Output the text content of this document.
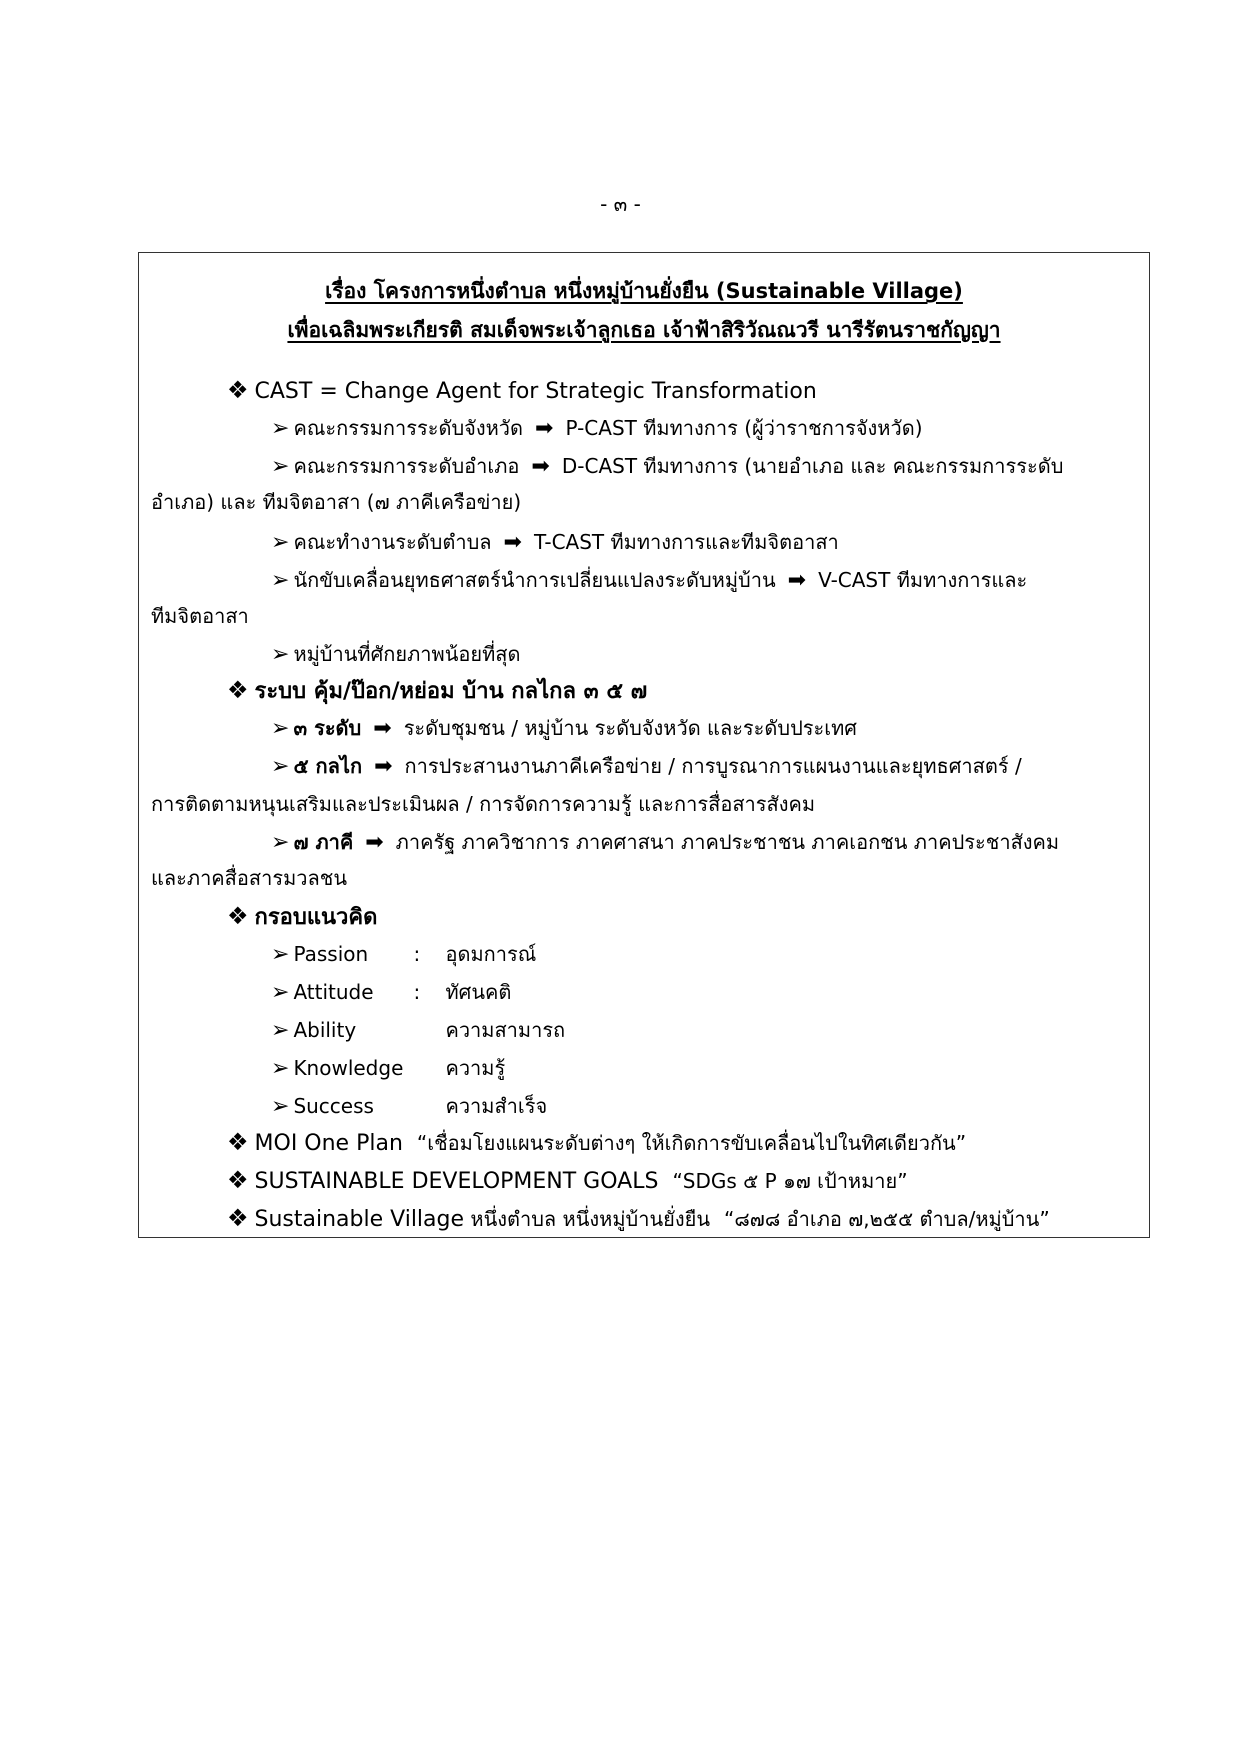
- ๓ -
เรื่อง โครงการหนึ่งตำบล หนึ่งหมู่บ้านยั่งยืน (Sustainable Village)
เพื่อเฉลิมพระเกียรติ สมเด็จพระเจ้าลูกเธอ เจ้าฟ้าสิริวัณณวรี นารีรัตนราชกัญญา
❖ CAST = Change Agent for Strategic Transformation
➢ คณะกรรมการระดับจังหวัด ➡ P-CAST ทีมทางการ (ผู้ว่าราชการจังหวัด)
➢ คณะกรรมการระดับอำเภอ ➡ D-CAST ทีมทางการ (นายอำเภอ และ คณะกรรมการระดับ
อำเภอ) และ ทีมจิตอาสา (๗ ภาคีเครือข่าย)
➢ คณะทำงานระดับตำบล ➡ T-CAST ทีมทางการและทีมจิตอาสา
➢ นักขับเคลื่อนยุทธศาสตร์นำการเปลี่ยนแปลงระดับหมู่บ้าน ➡ V-CAST ทีมทางการและ
ทีมจิตอาสา
➢ หมู่บ้านที่ศักยภาพน้อยที่สุด
❖ ระบบ คุ้ม/ป๊อก/หย่อม บ้าน กลไกล ๓ ๕ ๗
➢ ๓ ระดับ ➡ ระดับชุมชน / หมู่บ้าน ระดับจังหวัด และระดับประเทศ
➢ ๕ กลไก ➡ การประสานงานภาคีเครือข่าย / การบูรณาการแผนงานและยุทธศาสตร์ /
การติดตามหนุนเสริมและประเมินผล / การจัดการความรู้ และการสื่อสารสังคม
➢ ๗ ภาคี ➡ ภาครัฐ ภาควิชาการ ภาคศาสนา ภาคประชาชน ภาคเอกชน ภาคประชาสังคม
และภาคสื่อสารมวลชน
❖ กรอบแนวคิด
➢ Passion : อุดมการณ์
➢ Attitude : ทัศนคติ
➢ Ability	ความสามารถ
➢ Knowledge ความรู้
➢ Success	ความสำเร็จ
❖ MOI One Plan “เชื่อมโยงแผนระดับต่างๆ ให้เกิดการขับเคลื่อนไปในทิศเดียวกัน”
❖ SUSTAINABLE DEVELOPMENT GOALS “SDGs ๕ P ๑๗ เป้าหมาย”
❖ Sustainable Village หนึ่งตำบล หนึ่งหมู่บ้านยั่งยืน “๘๗๘ อำเภอ ๗,๒๕๕ ตำบล/หมู่บ้าน”
